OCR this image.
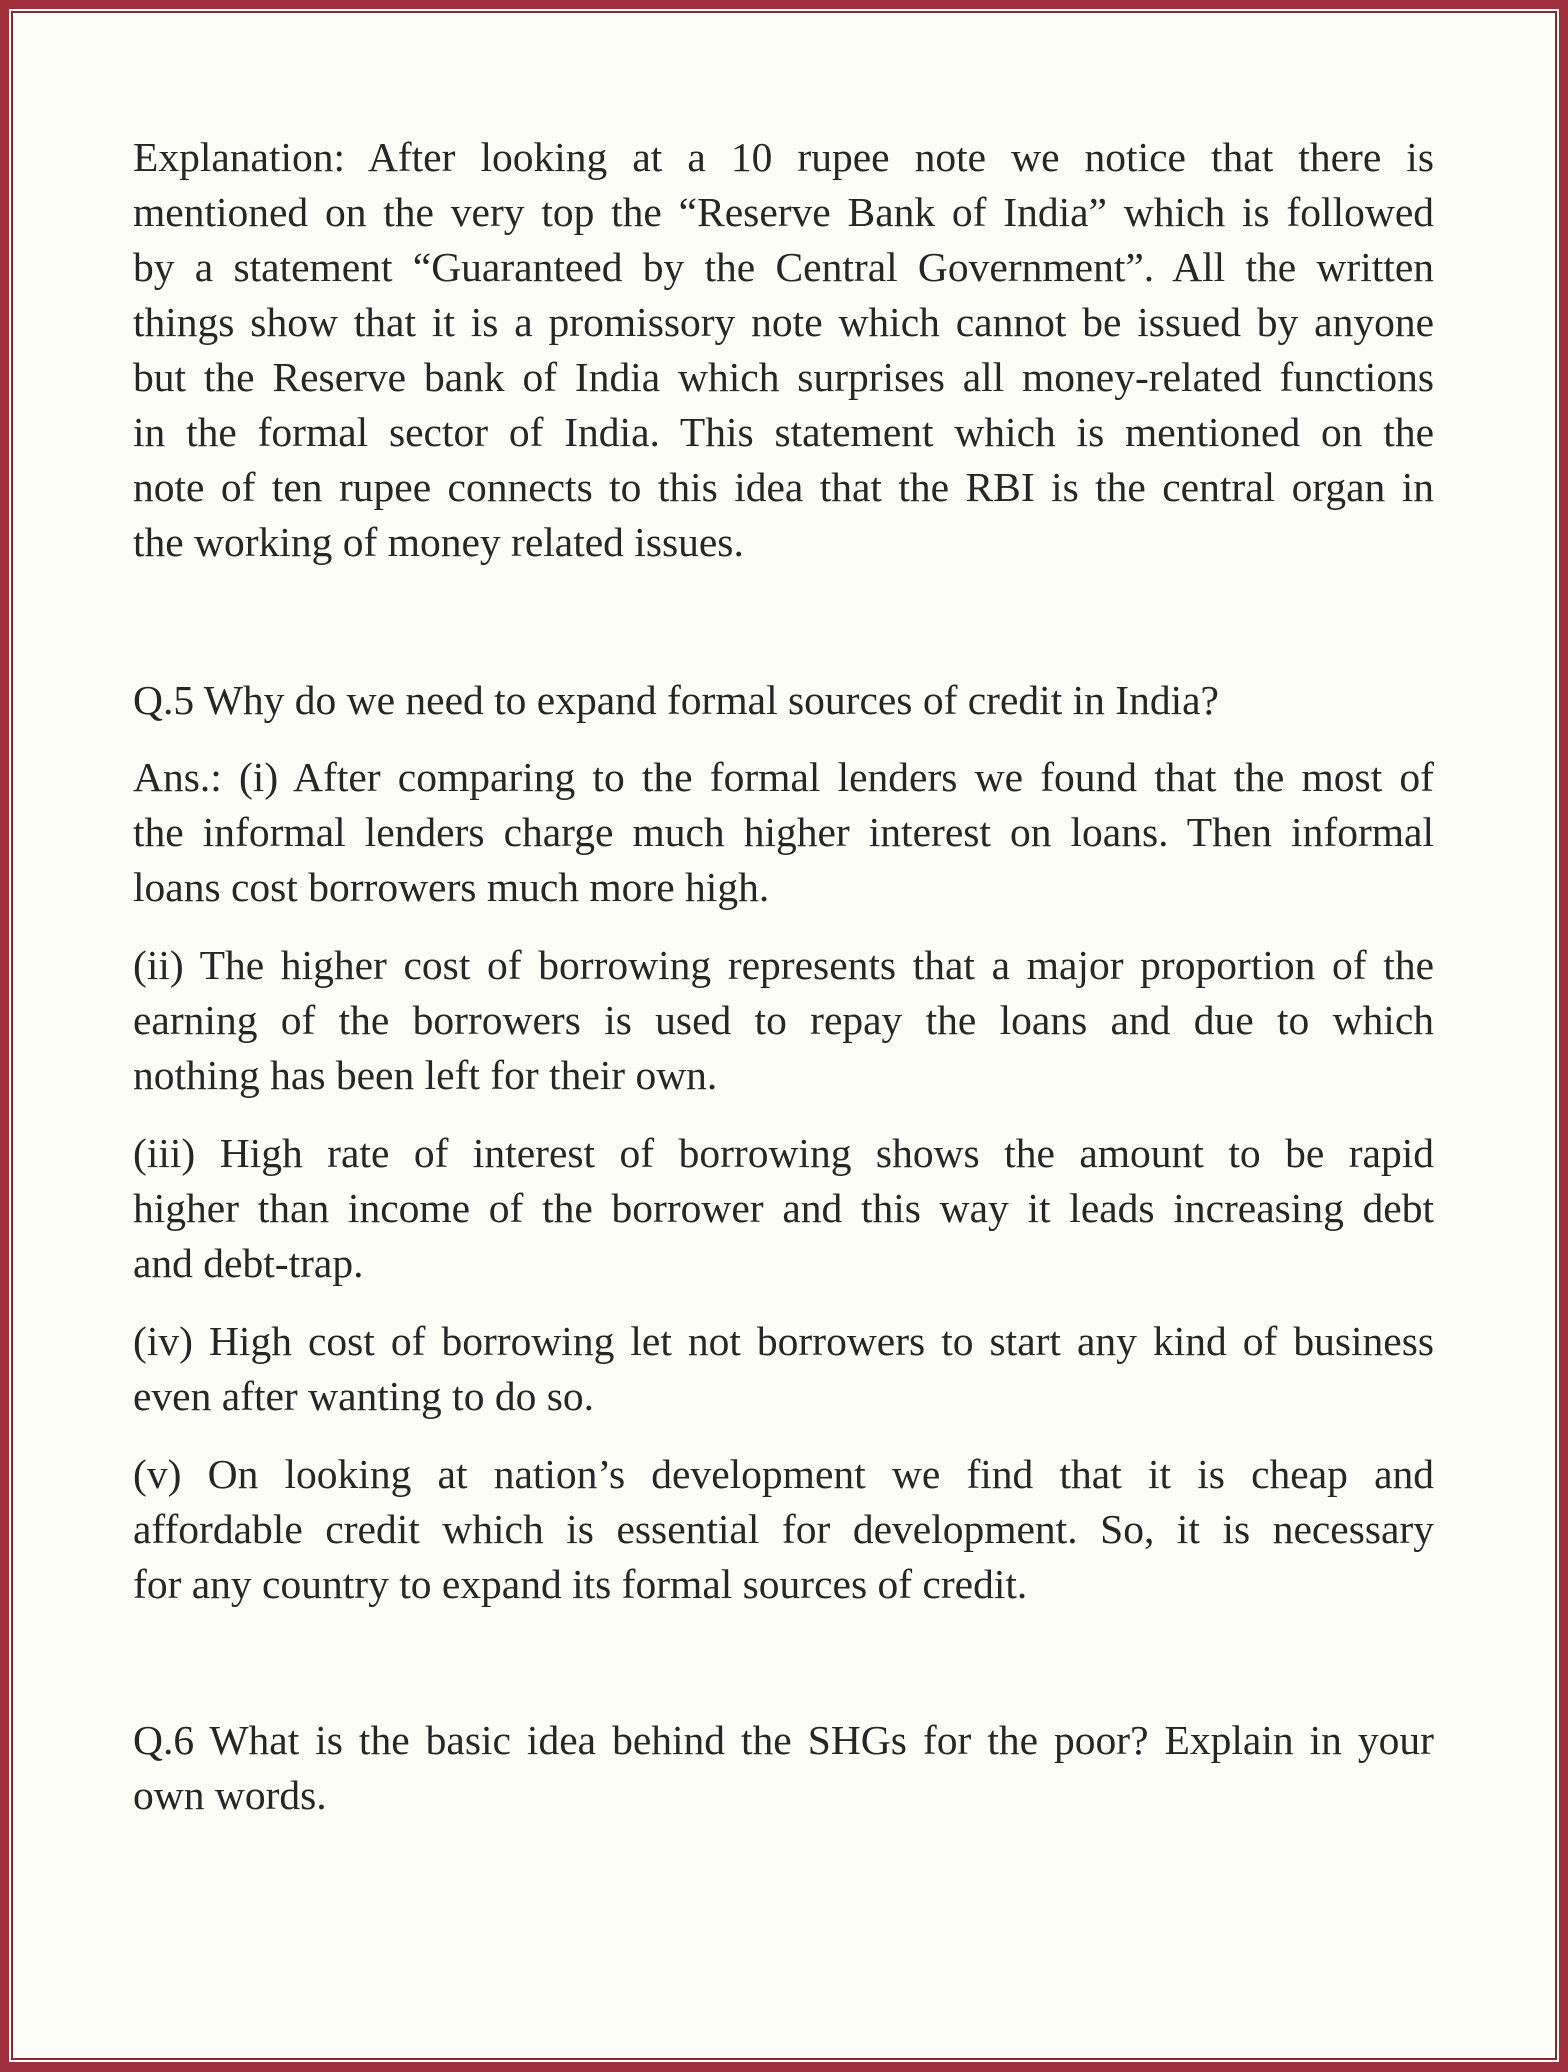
Explanation: After looking at a 10 rupee note we notice that there is
mentioned on the very top the “Reserve Bank of India” which is followed
by a statement “Guaranteed by the Central Government”. All the written
things show that it is a promissory note which cannot be issued by anyone
but the Reserve bank of India which surprises all money-related functions
in the formal sector of India. This statement which is mentioned on the
note of ten rupee connects to this idea that the RBI is the central organ in
the working of money related issues.
Q.5 Why do we need to expand formal sources of credit in India?
Ans.: (i) After comparing to the formal lenders we found that the most of
the informal lenders charge much higher interest on loans. Then informal
loans cost borrowers much more high.
(ii) The higher cost of borrowing represents that a major proportion of the
earning of the borrowers is used to repay the loans and due to which
nothing has been left for their own.
(iii) High rate of interest of borrowing shows the amount to be rapid
higher than income of the borrower and this way it leads increasing debt
and debt-trap.
(iv) High cost of borrowing let not borrowers to start any kind of business
even after wanting to do so.
(v) On looking at nation’s development we find that it is cheap and
affordable credit which is essential for development. So, it is necessary
for any country to expand its formal sources of credit.
Q.6 What is the basic idea behind the SHGs for the poor? Explain in your
own words.
